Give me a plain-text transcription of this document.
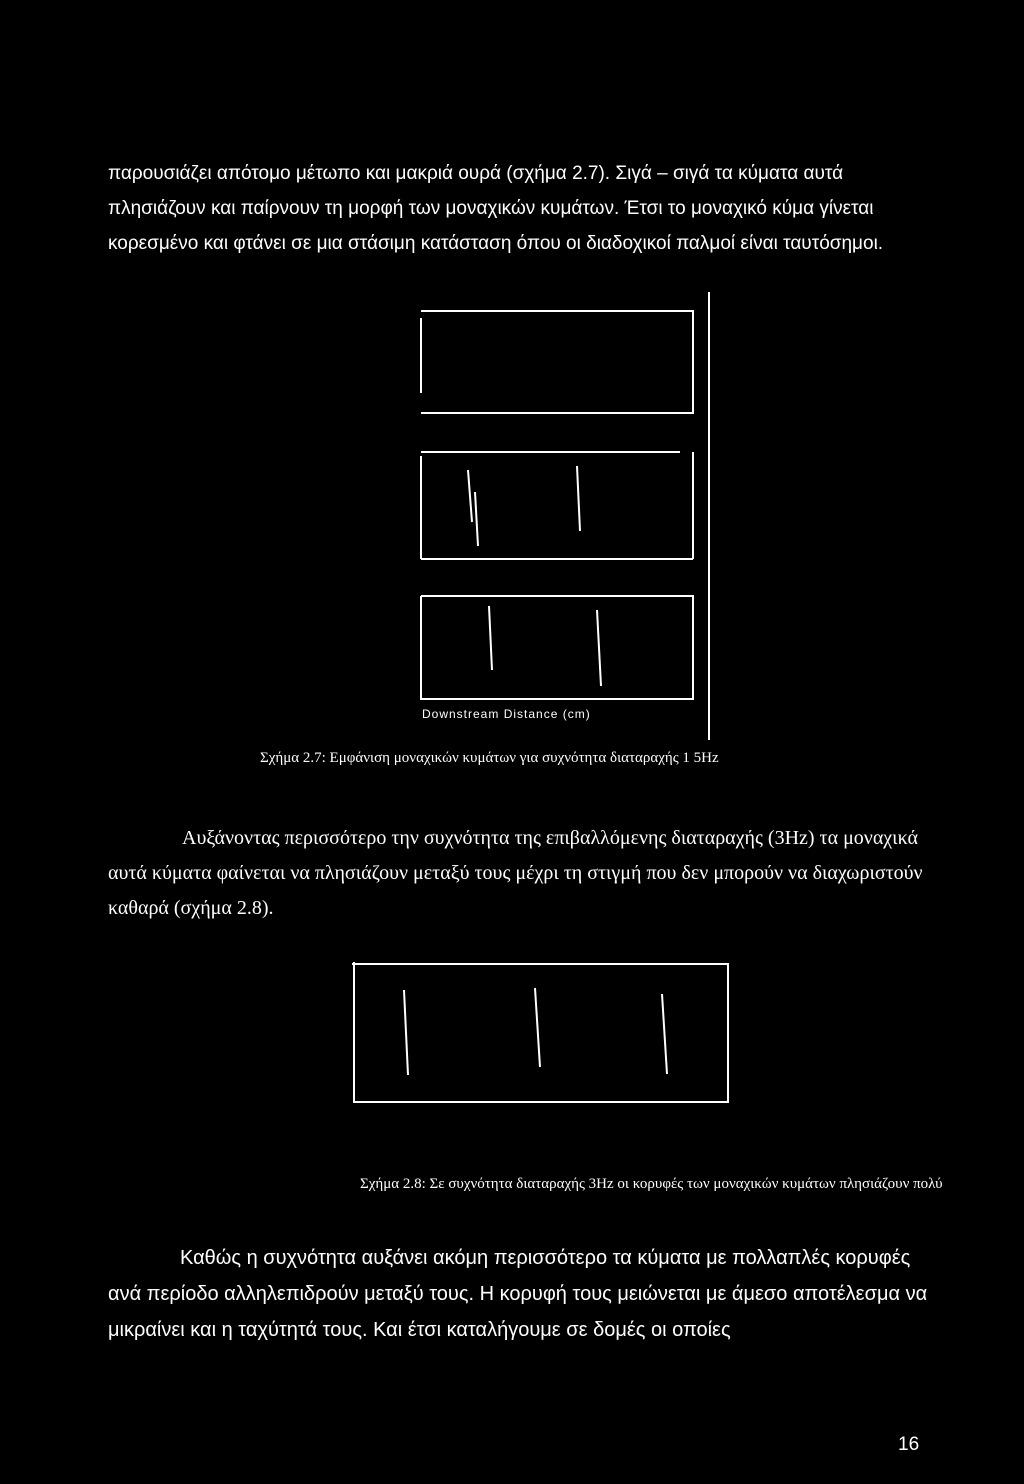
παρουσιάζει απότομο μέτωπο και μακριά ουρά (σχήμα 2.7). Σιγά – σιγά τα κύματα αυτά πλησιάζουν και παίρνουν τη μορφή των μοναχικών κυμάτων. Έτσι το μοναχικό κύμα γίνεται κορεσμένο και φτάνει σε μια στάσιμη κατάσταση όπου οι διαδοχικοί παλμοί είναι ταυτόσημοι.

Downstream Distance (cm)
Σχήμα 2.7: Εμφάνιση μοναχικών κυμάτων για συχνότητα διαταραχής 1 5Hz

Αυξάνοντας περισσότερο την συχνότητα της επιβαλλόμενης διαταραχής (3Hz) τα μοναχικά αυτά κύματα φαίνεται να πλησιάζουν μεταξύ τους μέχρι τη στιγμή που δεν μπορούν να διαχωριστούν καθαρά (σχήμα 2.8).

Σχήμα 2.8: Σε συχνότητα διαταραχής 3Hz οι κορυφές των μοναχικών κυμάτων πλησιάζουν πολύ

Καθώς η συχνότητα αυξάνει ακόμη περισσότερο τα κύματα με πολλαπλές κορυφές ανά περίοδο αλληλεπιδρούν μεταξύ τους. Η κορυφή τους μειώνεται με άμεσο αποτέλεσμα να μικραίνει και η ταχύτητά τους. Και έτσι καταλήγουμε σε δομές οι οποίες

16
